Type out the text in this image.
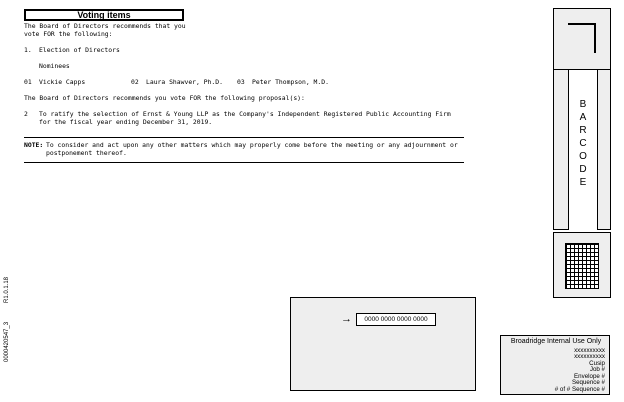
Voting items
The Board of Directors recommends that you
vote FOR the following:
1. Election of Directors
Nominees
01 Vickie Capps	02 Laura Shawver, Ph.D. 03 Peter Thompson, M.D.
The Board of Directors recommends you vote FOR the following proposal(s):
2 To ratify the selection of Ernst & Young LLP as the Company's Independent Registered Public Accounting Firm
for the fiscal year ending December 31, 2019.
NOTE: To consider and act upon any other matters which may properly come before the meeting or any adjournment or
postponement thereof.
0000420547_3
R1.0.1.18
B
A
R
C
O
D
E
→	0000 0000 0000 0000
Broadridge Internal Use Only
xxxxxxxxxx
xxxxxxxxxx
Cusip
Job #
Envelope #
Sequence #
# of # Sequence #
